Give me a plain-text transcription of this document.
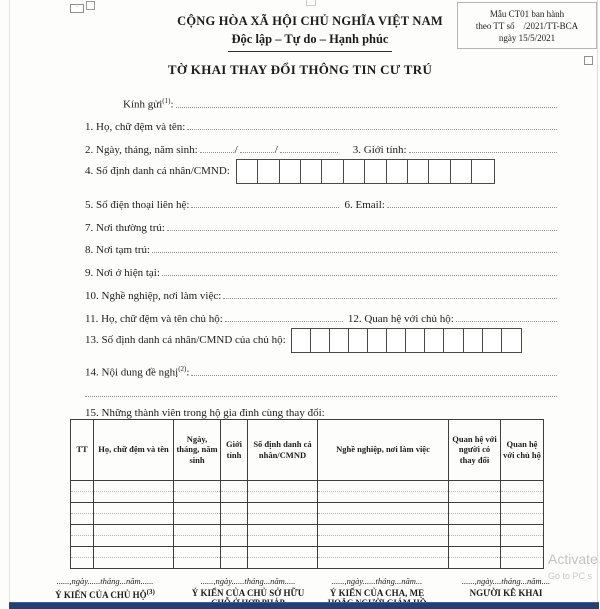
··
CỘNG HÒA XÃ HỘI CHỦ NGHĨA VIỆT NAM
Độc lập – Tự do – Hạnh phúc
Mẫu CT01 ban hành
theo TT số    /2021/TT-BCA
ngày 15/5/2021
TỜ KHAI THAY ĐỔI THÔNG TIN CƯ TRÚ
Kính gửi$^{(1)}$:
1. Họ, chữ đệm và tên:
2. Ngày, tháng, năm sinh:	/	/	3. Giới tính:
4. Số định danh cá nhân/CMND:
5. Số điện thoại liên hệ:	6. Email:
7. Nơi thường trú:
8. Nơi tạm trú:
9. Nơi ở hiện tại:
10. Nghề nghiệp, nơi làm việc:
11. Họ, chữ đệm và tên chủ hộ:	12. Quan hệ với chủ hộ:
13. Số định danh cá nhân/CMND của chủ hộ:
14. Nội dung đề nghị$^{(2)}$:
15. Những thành viên trong hộ gia đình cùng thay đổi:
TT	Họ, chữ đệm và tên	Ngày, tháng, năm sinh	Giới tính	Số định danh cá nhân/CMND	Nghề nghiệp, nơi làm việc	Quan hệ với người có thay đổi	Quan hệ với chủ hộ

......,ngày......tháng...năm......
Ý KIẾN CỦA CHỦ HỘ$^{(3)}$
......,ngày......tháng...năm.....
Ý KIẾN CỦA CHỦ SỞ HỮU
......,ngày......tháng...năm...
Ý KIẾN CỦA CHA, MẸ
......,ngày....tháng...năm....
NGƯỜI KÊ KHAI
Activate
Go to PC s
